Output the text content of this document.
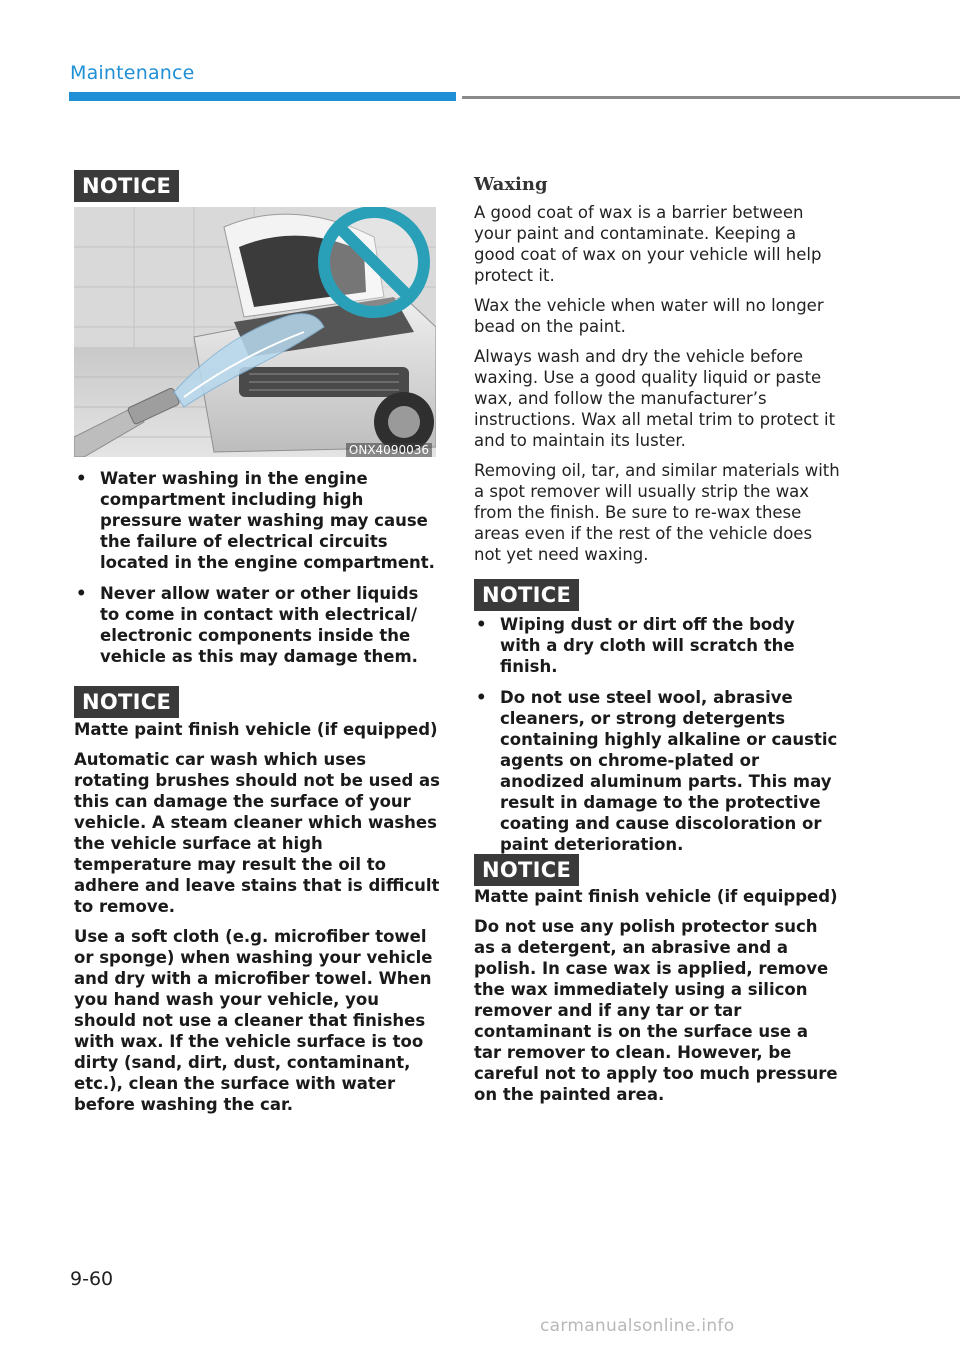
Maintenance
NOTICE
ONX4090036
• Water washing in the engine compartment including high pressure water washing may cause the failure of electrical circuits located in the engine compartment.
• Never allow water or other liquids to come in contact with electrical/ electronic components inside the vehicle as this may damage them.
NOTICE

Matte paint finish vehicle (if equipped)

Automatic car wash which uses rotating brushes should not be used as this can damage the surface of your vehicle. A steam cleaner which washes the vehicle surface at high temperature may result the oil to adhere and leave stains that is difficult to remove.

Use a soft cloth (e.g. microfiber towel or sponge) when washing your vehicle and dry with a microfiber towel. When you hand wash your vehicle, you should not use a cleaner that finishes with wax. If the vehicle surface is too dirty (sand, dirt, dust, contaminant, etc.), clean the surface with water before washing the car.

Waxing

A good coat of wax is a barrier between your paint and contaminate. Keeping a good coat of wax on your vehicle will help protect it.

Wax the vehicle when water will no longer bead on the paint.

Always wash and dry the vehicle before waxing. Use a good quality liquid or paste wax, and follow the manufacturer’s instructions. Wax all metal trim to protect it and to maintain its luster.

Removing oil, tar, and similar materials with a spot remover will usually strip the wax from the finish. Be sure to re-wax these areas even if the rest of the vehicle does not yet need waxing.

NOTICE
• Wiping dust or dirt off the body with a dry cloth will scratch the finish.
• Do not use steel wool, abrasive cleaners, or strong detergents containing highly alkaline or caustic agents on chrome-plated or anodized aluminum parts. This may result in damage to the protective coating and cause discoloration or paint deterioration.
NOTICE

Matte paint finish vehicle (if equipped)

Do not use any polish protector such as a detergent, an abrasive and a polish. In case wax is applied, remove the wax immediately using a silicon remover and if any tar or tar contaminant is on the surface use a tar remover to clean. However, be careful not to apply too much pressure on the painted area.

9-60
carmanualsonline.info
